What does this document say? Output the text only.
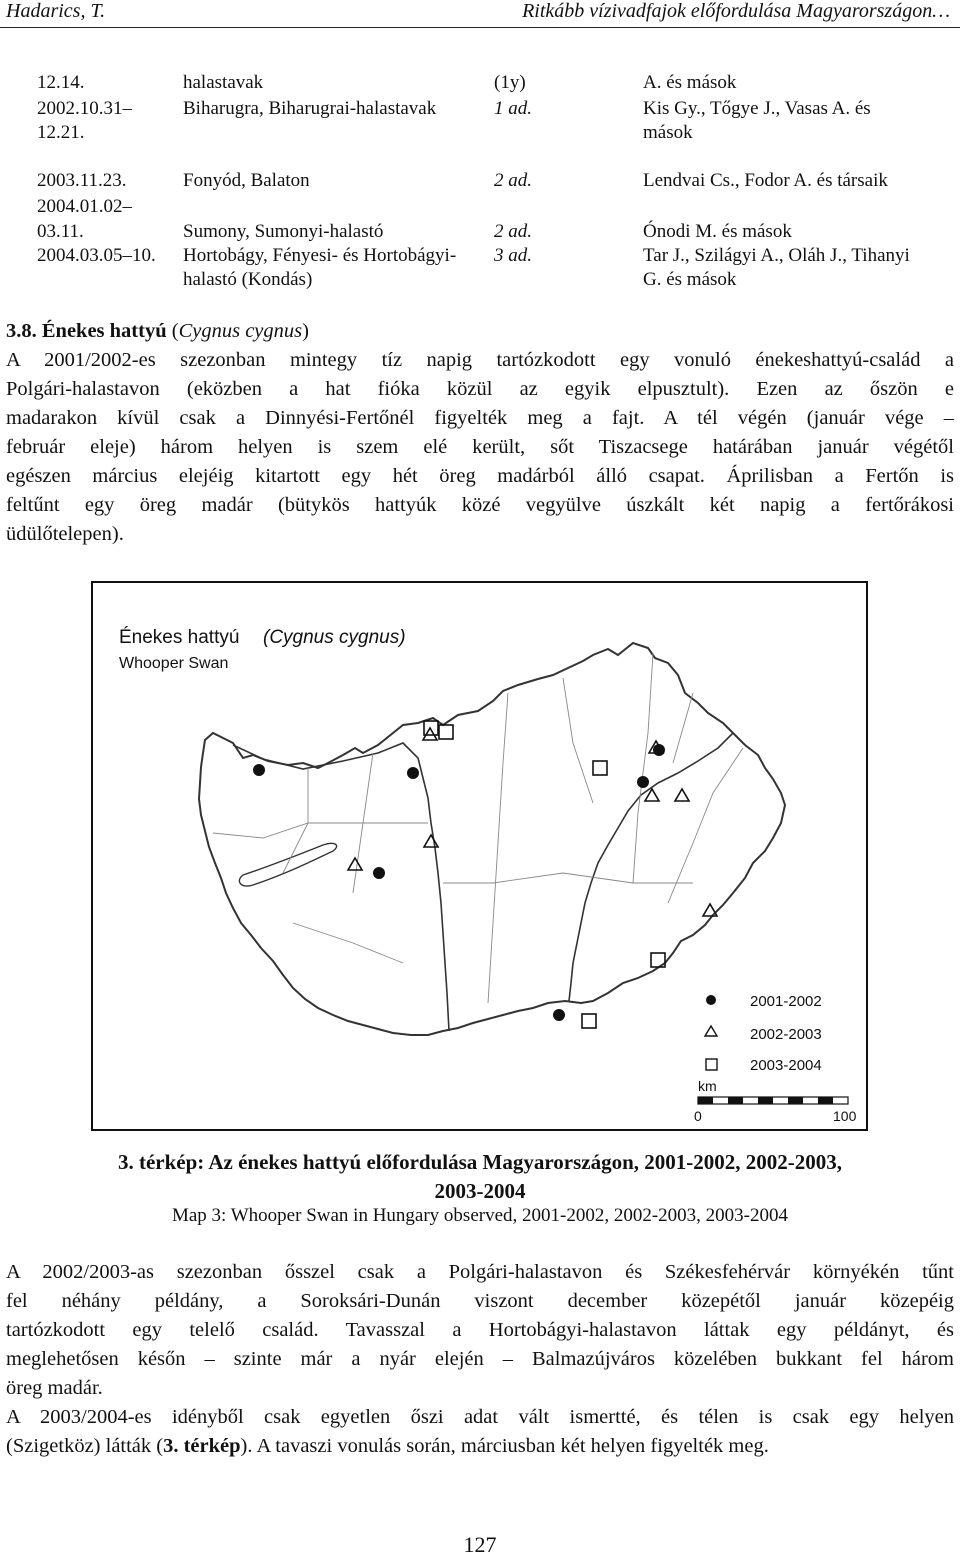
Hadarics, T.	Ritkább vízivadfajok előfordulása Magyarországon…
12.14.	halastavak	(1y)	A. és mások
2002.10.31–	Biharugra, Biharugrai-halastavak	1 ad.	Kis Gy., Tőgye J., Vasas A. és
12.21.	mások
2003.11.23.	Fonyód, Balaton	2 ad.	Lendvai Cs., Fodor A. és társaik
2004.01.02–
03.11.	Sumony, Sumonyi-halastó	2 ad.	Ónodi M. és mások
2004.03.05–10. Hortobágy, Fényesi- és Hortobágyi- 3 ad.	Tar J., Szilágyi A., Oláh J., Tihanyi
halastó (Kondás)	G. és mások
3.8. Énekes hattyú (Cygnus cygnus)
A 2001/2002-es szezonban mintegy tíz napig tartózkodott egy vonuló énekeshattyú-család a
Polgári-halastavon (eközben a hat fióka közül az egyik elpusztult). Ezen az őszön e
madarakon kívül csak a Dinnyési-Fertőnél figyelték meg a fajt. A tél végén (január vége –
február eleje) három helyen is szem elé került, sőt Tiszacsege határában január végétől
egészen március elejéig kitartott egy hét öreg madárból álló csapat. Áprilisban a Fertőn is
feltűnt egy öreg madár (bütykös hattyúk közé vegyülve úszkált két napig a fertőrákosi
üdülőtelepen).
Énekes hattyú (Cygnus cygnus)
Whooper Swan
2001-2002
2002-2003
2003-2004
km
0	100
3. térkép: Az énekes hattyú előfordulása Magyarországon, 2001-2002, 2002-2003,
2003-2004
Map 3: Whooper Swan in Hungary observed, 2001-2002, 2002-2003, 2003-2004
A 2002/2003-as szezonban ősszel csak a Polgári-halastavon és Székesfehérvár környékén tűnt
fel néhány példány, a Soroksári-Dunán viszont december közepétől január közepéig
tartózkodott egy telelő család. Tavasszal a Hortobágyi-halastavon láttak egy példányt, és
meglehetősen későn – szinte már a nyár elején – Balmazújváros közelében bukkant fel három
öreg madár.
A 2003/2004-es idényből csak egyetlen őszi adat vált ismertté, és télen is csak egy helyen
(Szigetköz) látták (3. térkép). A tavaszi vonulás során, márciusban két helyen figyelték meg.
127
